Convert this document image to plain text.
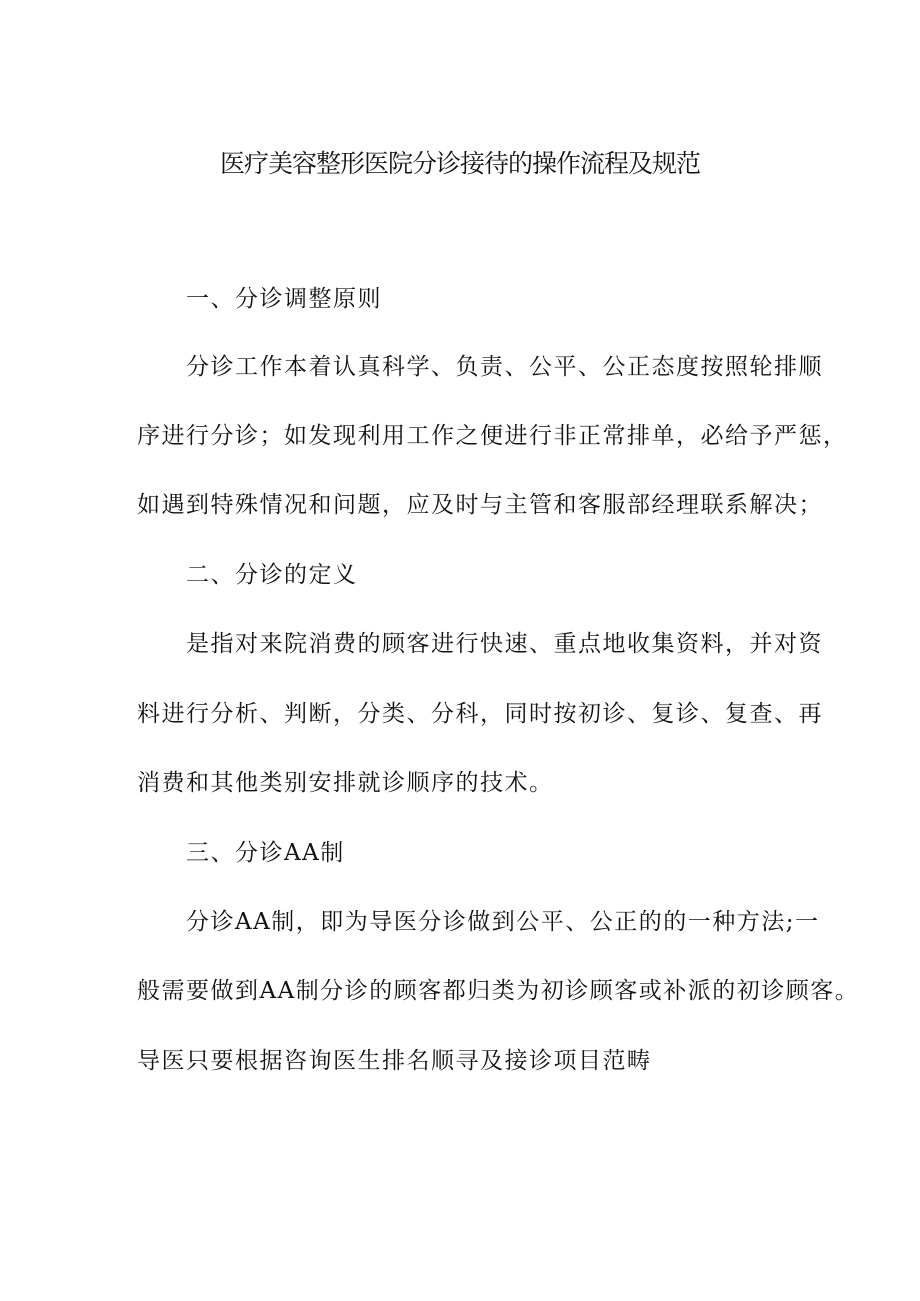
医疗美容整形医院分诊接待的操作流程及规范

一、分诊调整原则

分诊工作本着认真科学、负责、公平、公正态度按照轮排顺

序进行分诊；如发现利用工作之便进行非正常排单，必给予严惩，

如遇到特殊情况和问题，应及时与主管和客服部经理联系解决；

二、分诊的定义

是指对来院消费的顾客进行快速、重点地收集资料，并对资

料进行分析、判断，分类、分科，同时按初诊、复诊、复查、再

消费和其他类别安排就诊顺序的技术。

三、分诊AA制

分诊AA制，即为导医分诊做到公平、公正的的一种方法;一

般需要做到AA制分诊的顾客都归类为初诊顾客或补派的初诊顾客。

导医只要根据咨询医生排名顺寻及接诊项目范畴
